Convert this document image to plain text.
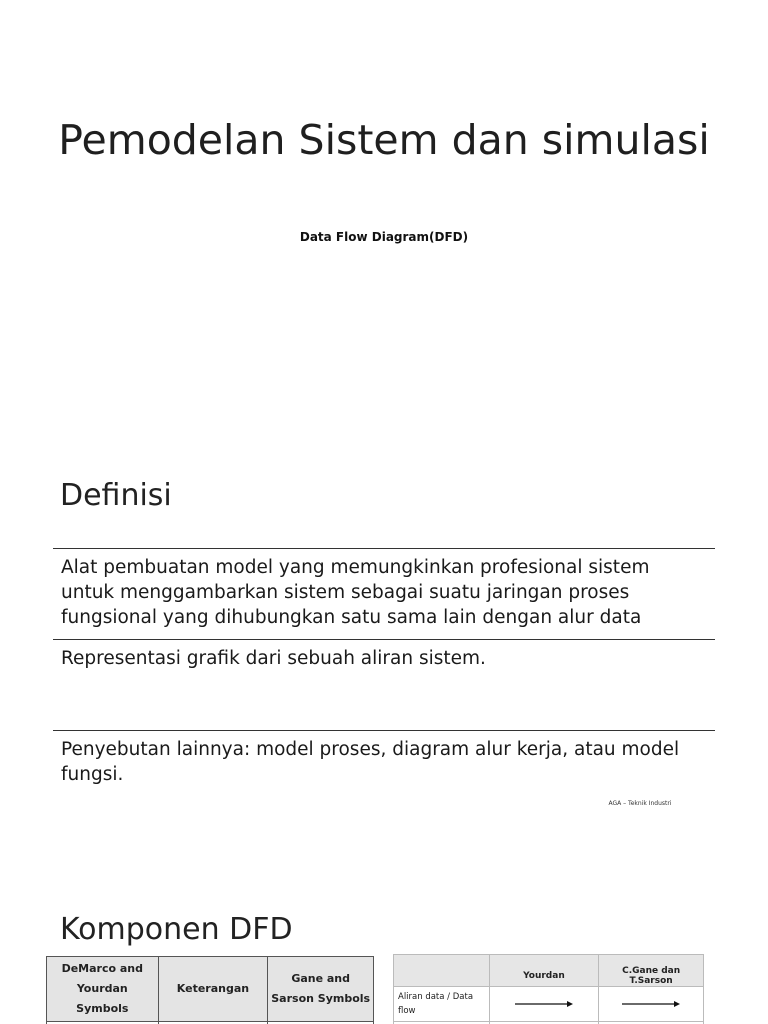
Pemodelan Sistem dan simulasi
Data Flow Diagram(DFD)
Definisi
Alat pembuatan model yang memungkinkan profesional sistem untuk menggambarkan sistem sebagai suatu jaringan proses fungsional yang dihubungkan satu sama lain dengan alur data
Representasi grafik dari sebuah aliran sistem.
Penyebutan lainnya: model proses, diagram alur kerja, atau model fungsi.
AGA – Teknik Industri
Komponen DFD
DeMarco and Yourdan Symbols	Keterangan	Gane and Sarson Symbols

	Yourdan	C.Gane dan T.Sarson
Aliran data / Data flow	
